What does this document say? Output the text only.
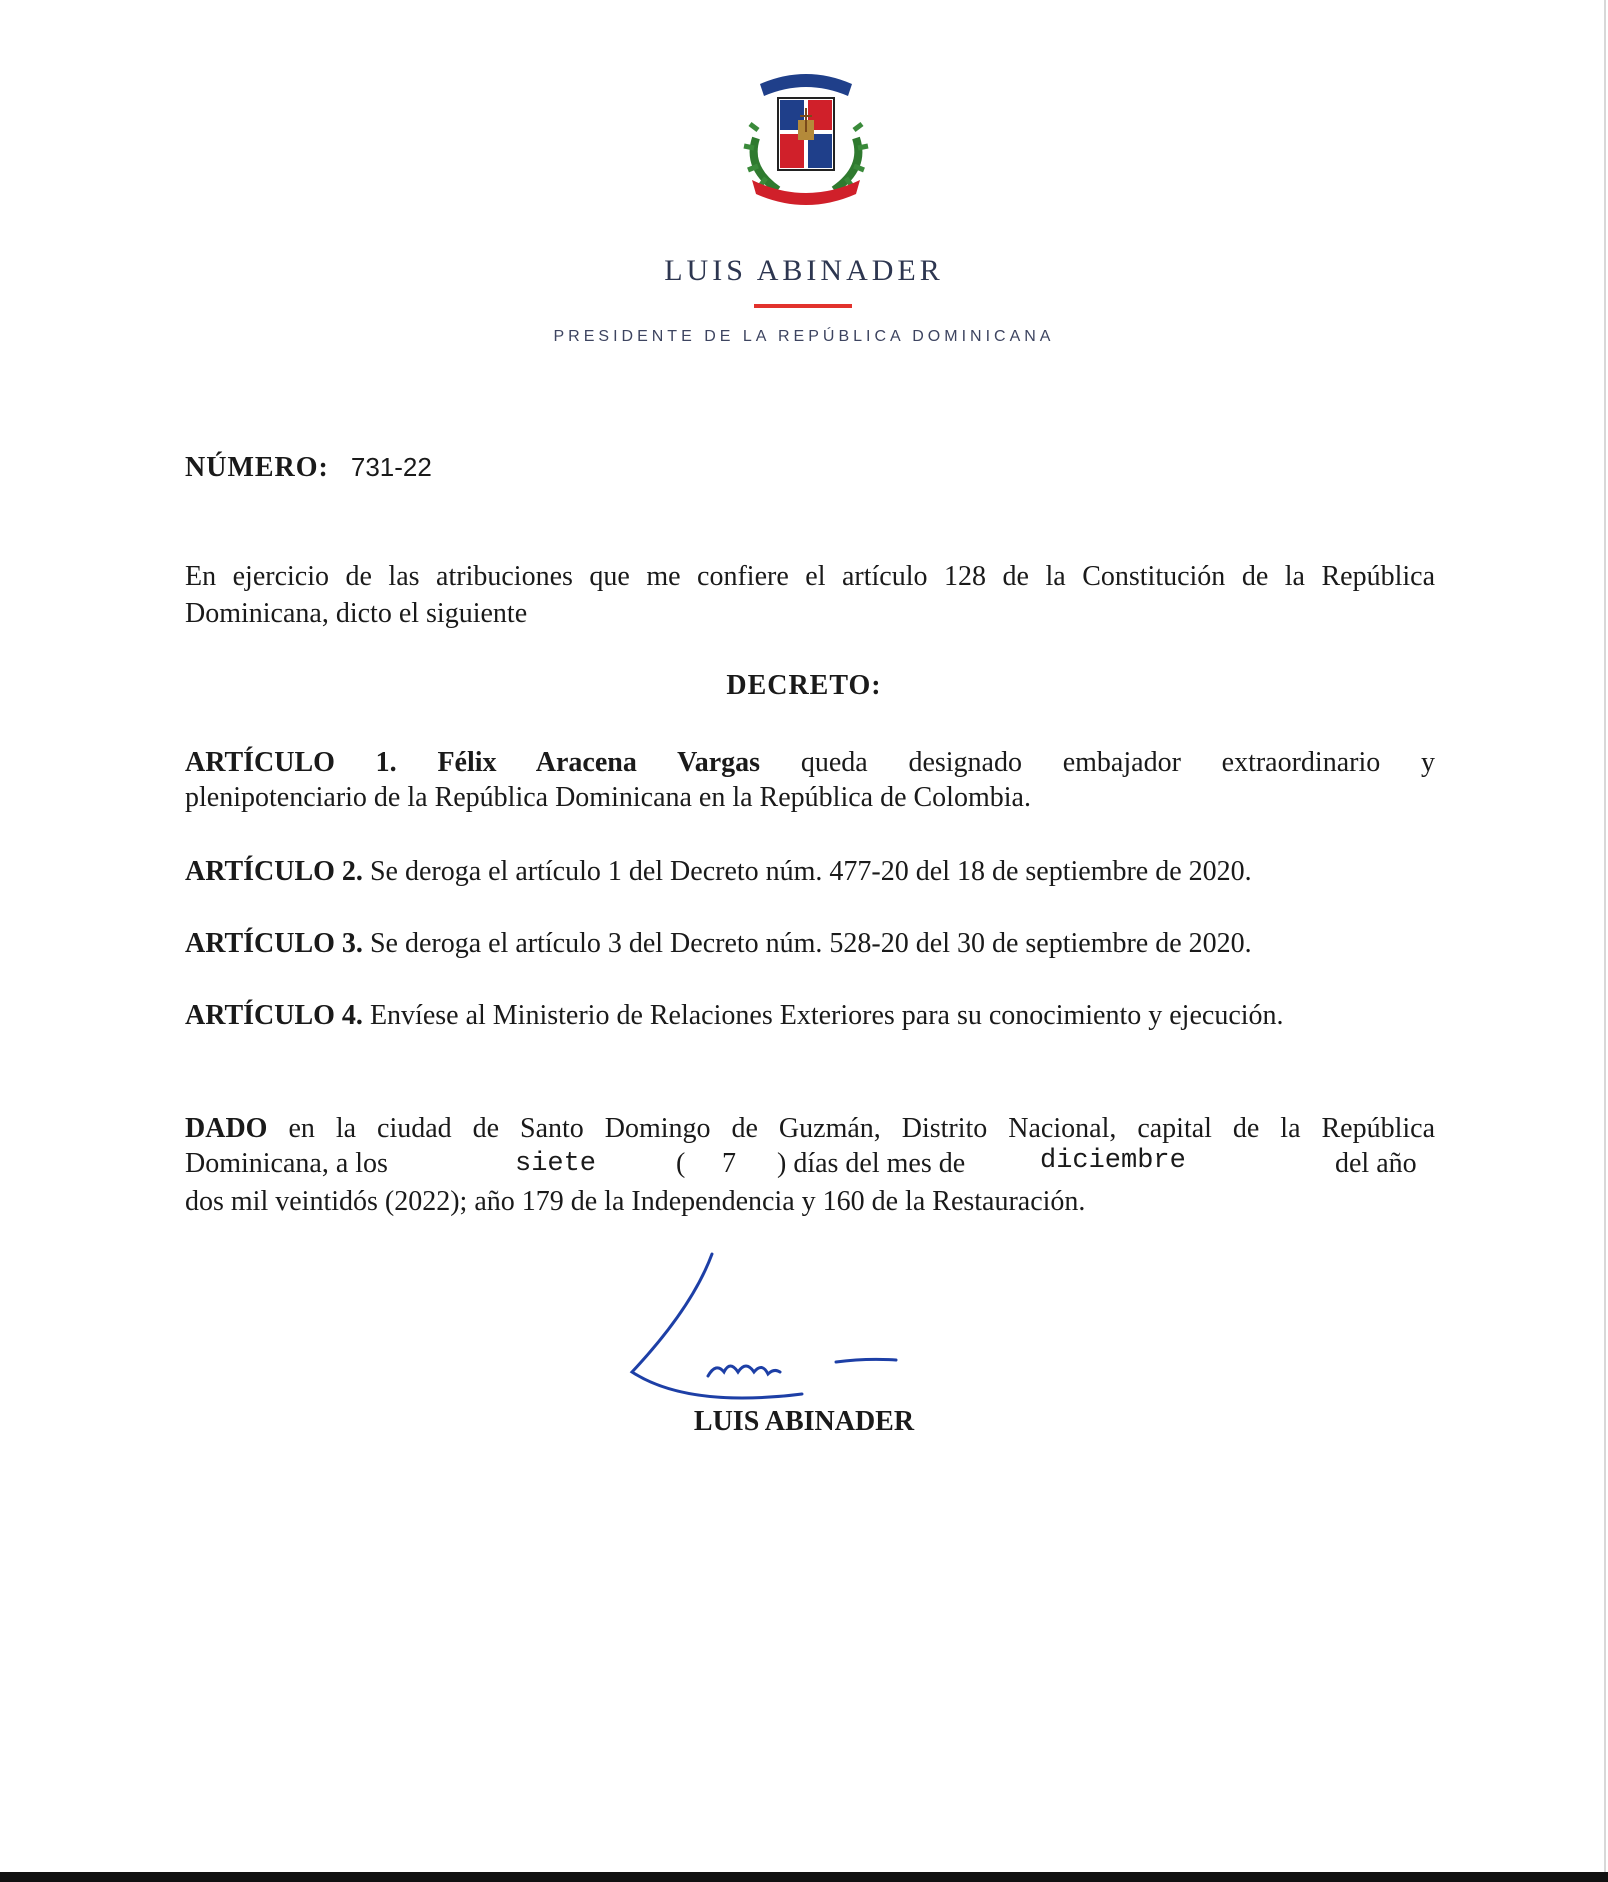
LUIS ABINADER
PRESIDENTE DE LA REPÚBLICA DOMINICANA
NÚMERO: 731-22
En ejercicio de las atribuciones que me confiere el artículo 128 de la Constitución de la República
Dominicana, dicto el siguiente
DECRETO:
ARTÍCULO 1. Félix Aracena Vargas queda designado embajador extraordinario y
plenipotenciario de la República Dominicana en la República de Colombia.
ARTÍCULO 2. Se deroga el artículo 1 del Decreto núm. 477-20 del 18 de septiembre de 2020.
ARTÍCULO 3. Se deroga el artículo 3 del Decreto núm. 528-20 del 30 de septiembre de 2020.
ARTÍCULO 4. Envíese al Ministerio de Relaciones Exteriores para su conocimiento y ejecución.
DADO en la ciudad de Santo Domingo de Guzmán, Distrito Nacional, capital de la República
Dominicana, a los	siete	( 7 ) días del mes de	diciembre	del año
dos mil veintidós (2022); año 179 de la Independencia y 160 de la Restauración.
LUIS ABINADER
